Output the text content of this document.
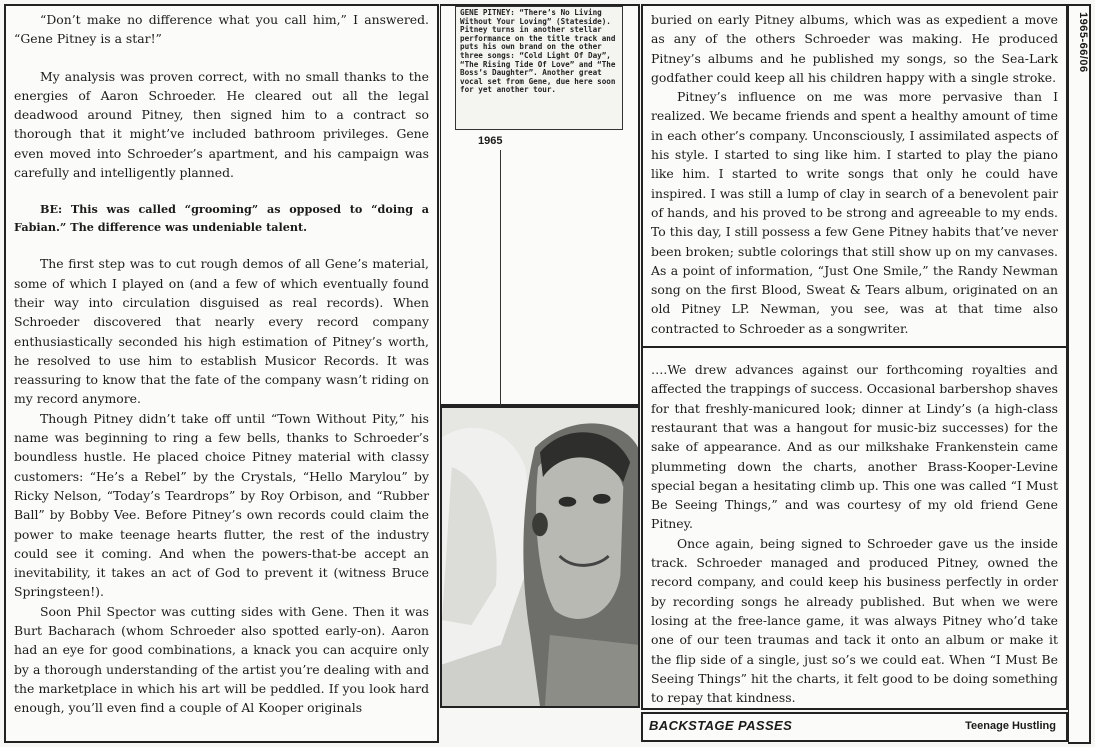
“Don’t make no difference what you call him,” I answered. “Gene Pitney is a star!”

My analysis was proven correct, with no small thanks to the energies of Aaron Schroeder. He cleared out all the legal deadwood around Pitney, then signed him to a contract so thorough that it might’ve included bathroom privileges. Gene even moved into Schroeder’s apartment, and his campaign was carefully and intelligently planned.

BE: This was called “grooming” as opposed to “doing a Fabian.” The difference was undeniable talent.

The first step was to cut rough demos of all Gene’s material, some of which I played on (and a few of which eventually found their way into circulation disguised as real records). When Schroeder discovered that nearly every record company enthusiastically seconded his high estimation of Pitney’s worth, he resolved to use him to establish Musicor Records. It was reassuring to know that the fate of the company wasn’t riding on my record anymore.

Though Pitney didn’t take off until “Town Without Pity,” his name was beginning to ring a few bells, thanks to Schroeder’s boundless hustle. He placed choice Pitney material with classy customers: “He’s a Rebel” by the Crystals, “Hello Marylou” by Ricky Nelson, “Today’s Teardrops” by Roy Orbison, and “Rubber Ball” by Bobby Vee. Before Pitney’s own records could claim the power to make teenage hearts flutter, the rest of the industry could see it coming. And when the powers-that-be accept an inevitability, it takes an act of God to prevent it (witness Bruce Springsteen!).

Soon Phil Spector was cutting sides with Gene. Then it was Burt Bacharach (whom Schroeder also spotted early-on). Aaron had an eye for good combinations, a knack you can acquire only by a thorough understanding of the artist you’re dealing with and the marketplace in which his art will be peddled. If you look hard enough, you’ll even find a couple of Al Kooper originals

GENE PITNEY: “There’s No Living Without Your Loving” (Stateside). Pitney turns in another stellar performance on the title track and puts his own brand on the other three songs: “Cold Light Of Day”, “The Rising Tide Of Love” and “The Boss’s Daughter”. Another great vocal set from Gene, due here soon for yet another tour.
1965

buried on early Pitney albums, which was as expedient a move as any of the others Schroeder was making. He produced Pitney’s albums and he published my songs, so the Sea-Lark godfather could keep all his children happy with a single stroke.

Pitney’s influence on me was more pervasive than I realized. We became friends and spent a healthy amount of time in each other’s company. Unconsciously, I assimilated aspects of his style. I started to sing like him. I started to play the piano like him. I started to write songs that only he could have inspired. I was still a lump of clay in search of a benevolent pair of hands, and his proved to be strong and agreeable to my ends. To this day, I still possess a few Gene Pitney habits that’ve never been broken; subtle colorings that still show up on my canvases. As a point of information, “Just One Smile,” the Randy Newman song on the first Blood, Sweat & Tears album, originated on an old Pitney LP. Newman, you see, was at that time also contracted to Schroeder as a songwriter.

….We drew advances against our forthcoming royalties and affected the trappings of success. Occasional barbershop shaves for that freshly-manicured look; dinner at Lindy’s (a high-class restaurant that was a hangout for music-biz successes) for the sake of appearance. And as our milkshake Frankenstein came plummeting down the charts, another Brass-Kooper-Levine special began a hesitating climb up. This one was called “I Must Be Seeing Things,” and was courtesy of my old friend Gene Pitney.

Once again, being signed to Schroeder gave us the inside track. Schroeder managed and produced Pitney, owned the record company, and could keep his business perfectly in order by recording songs he already published. But when we were losing at the free-lance game, it was always Pitney who’d take one of our teen traumas and tack it onto an album or make it the flip side of a single, just so’s we could eat. When “I Must Be Seeing Things” hit the charts, it felt good to be doing something to repay that kindness.

BACKSTAGE PASSES	Teenage Hustling
1965-66/06
